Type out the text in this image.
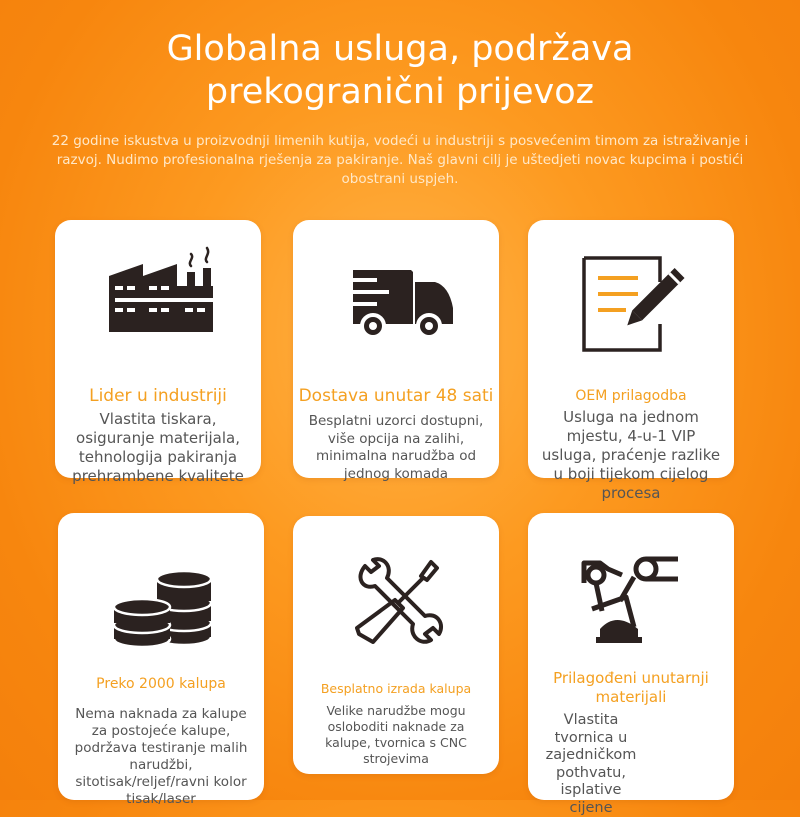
Globalna usluga, podržava
prekogranični prijevoz

22 godine iskustva u proizvodnji limenih kutija, vodeći u industriji s posvećenim timom za istraživanje i razvoj. Nudimo profesionalna rješenja za pakiranje. Naš glavni cilj je uštedjeti novac kupcima i postići obostrani uspjeh.

Lider u industriji

Vlastita tiskara, osiguranje materijala, tehnologija pakiranja prehrambene kvalitete

Dostava unutar 48 sati

Besplatni uzorci dostupni, više opcija na zalihi, minimalna narudžba od jednog komada

OEM prilagodba

Usluga na jednom mjestu, 4-u-1 VIP usluga, praćenje razlike u boji tijekom cijelog procesa

Preko 2000 kalupa

Nema naknada za kalupe za postojeće kalupe, podržava testiranje malih narudžbi, sitotisak/reljef/ravni kolor tisak/laser

Besplatno izrada kalupa

Velike narudžbe mogu osloboditi naknade za kalupe, tvornica s CNC strojevima

Prilagođeni unutarnji materijali

Vlastita tvornica u zajedničkom pothvatu, isplative cijene
